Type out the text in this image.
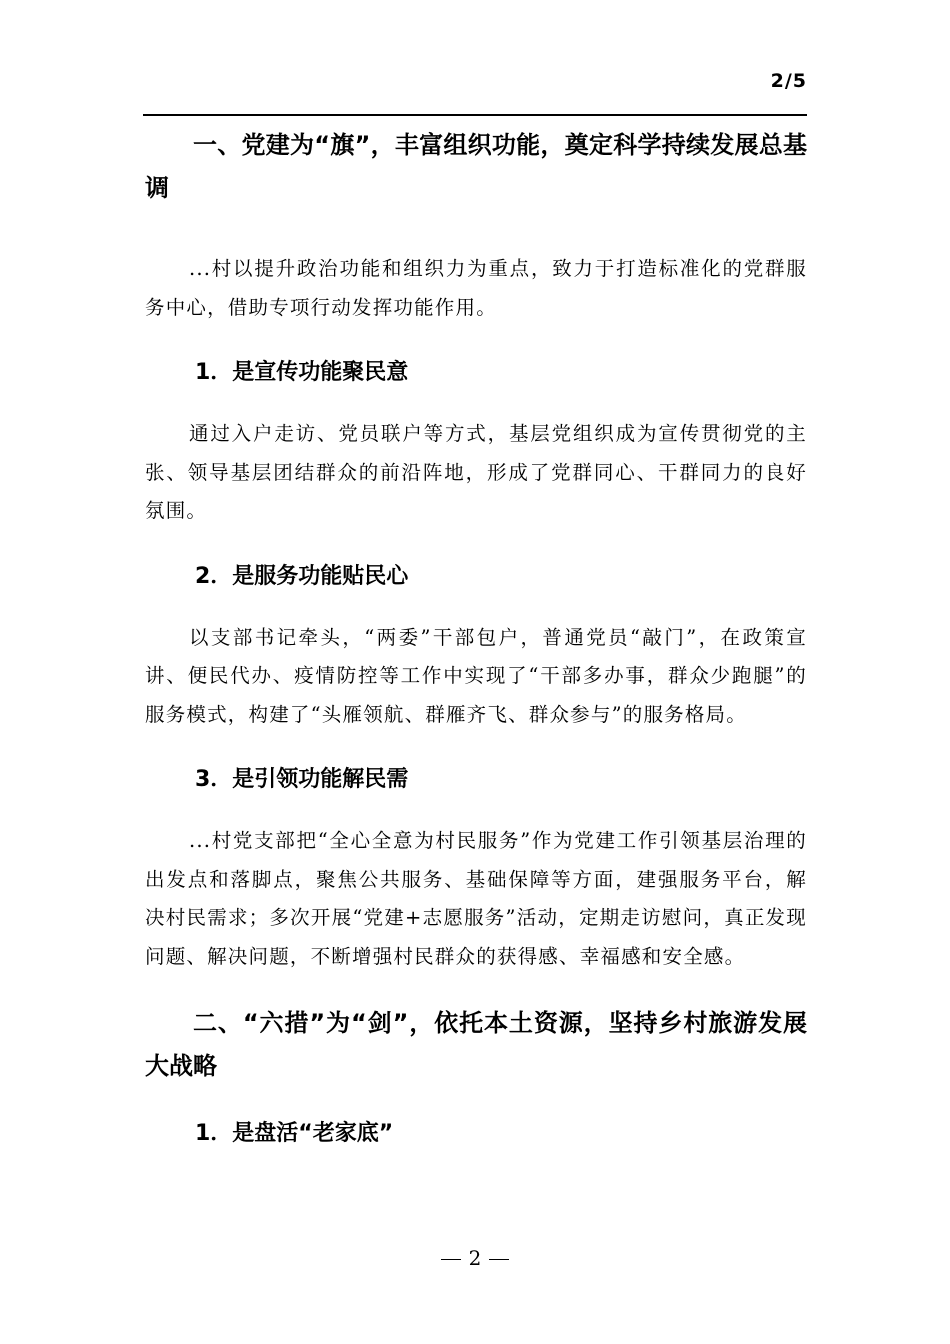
2/5

一、党建为“旗”，丰富组织功能，奠定科学持续发展总基调

...村以提升政治功能和组织力为重点，致力于打造标准化的党群服务中心，借助专项行动发挥功能作用。

1．是宣传功能聚民意

通过入户走访、党员联户等方式，基层党组织成为宣传贯彻党的主张、领导基层团结群众的前沿阵地，形成了党群同心、干群同力的良好氛围。

2．是服务功能贴民心

以支部书记牵头，“两委”干部包户，普通党员“敲门”，在政策宣讲、便民代办、疫情防控等工作中实现了“干部多办事，群众少跑腿”的服务模式，构建了“头雁领航、群雁齐飞、群众参与”的服务格局。

3．是引领功能解民需

...村党支部把“全心全意为村民服务”作为党建工作引领基层治理的出发点和落脚点，聚焦公共服务、基础保障等方面，建强服务平台，解决村民需求；多次开展“党建+志愿服务”活动，定期走访慰问，真正发现问题、解决问题，不断增强村民群众的获得感、幸福感和安全感。

二、“六措”为“剑”，依托本土资源，坚持乡村旅游发展大战略

1．是盘活“老家底”

2
